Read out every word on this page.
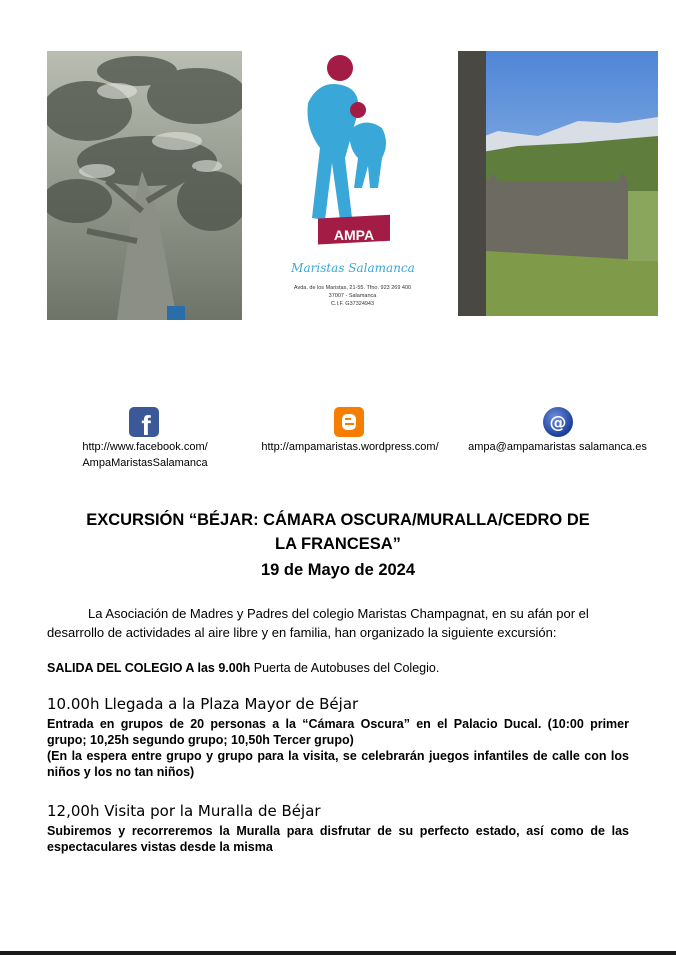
AMPA
Maristas Salamanca
Avda. de los Maristas, 21-55. Tfno. 923 269 400
37007 - Salamanca
C.I.F. G37324943
f
http://www.facebook.com/
AmpaMaristasSalamanca
http://ampamaristas.wordpress.com/
@
ampa@ampamaristas salamanca.es
EXCURSIÓN “BÉJAR: CÁMARA OSCURA/MURALLA/CEDRO DE
LA FRANCESA”
19 de Mayo de 2024
La Asociación de Madres y Padres del colegio Maristas Champagnat, en su afán por el desarrollo de actividades al aire libre y en familia, han organizado la siguiente excursión:
SALIDA DEL COLEGIO A las 9.00h Puerta de Autobuses del Colegio.
10.00h Llegada a la Plaza Mayor de Béjar
Entrada en grupos de 20 personas a la “Cámara Oscura” en el Palacio Ducal. (10:00 primer grupo; 10,25h segundo grupo; 10,50h Tercer grupo)
(En la espera entre grupo y grupo para la visita, se celebrarán juegos infantiles de calle con los niños y los no tan niños)
12,00h Visita por la Muralla de Béjar
Subiremos y recorreremos la Muralla para disfrutar de su perfecto estado, así como de las espectaculares vistas desde la misma
